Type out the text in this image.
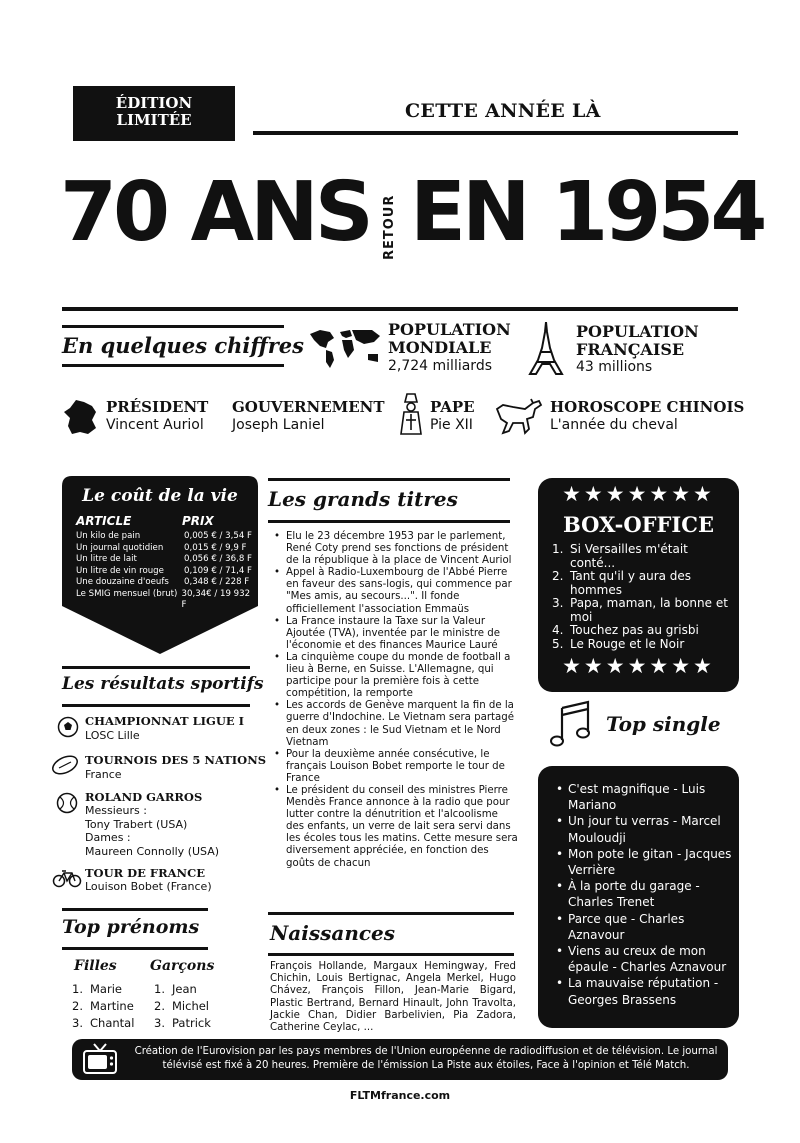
ÉDITION
LIMITÉE	CETTE ANNÉE LÀ
70 ANS RETOUR EN 1954
En quelques chiffres
POPULATION
MONDIALE
2,724 milliards
POPULATION
FRANÇAISE
43 millions
PRÉSIDENT
Vincent Auriol
GOUVERNEMENT
Joseph Laniel
PAPE
Pie XII
HOROSCOPE CHINOIS
L'année du cheval
Le coût de la vie
ARTICLE	PRIX
Un kilo de pain	0,005 € / 3,54 F
Un journal quotidien	0,015 € / 9,9 F
Un litre de lait	0,056 € / 36,8 F
Un litre de vin rouge	0,109 € / 71,4 F
Une douzaine d'oeufs	0,348 € / 228 F
Le SMIG mensuel (brut) 30,34€ / 19 932 F
Les résultats sportifs
CHAMPIONNAT LIGUE I
LOSC Lille
TOURNOIS DES 5 NATIONS
France
ROLAND GARROS
Messieurs :
Tony Trabert (USA)
Dames :
Maureen Connolly (USA)
TOUR DE FRANCE
Louison Bobet (France)
Top prénoms
Filles
1. Marie
2. Martine
3. Chantal
Garçons
1. Jean
2. Michel
3. Patrick
Les grands titres
• Elu le 23 décembre 1953 par le parlement, René Coty prend ses fonctions de président de la république à la place de Vincent Auriol
• Appel à Radio-Luxembourg de l'Abbé Pierre en faveur des sans-logis, qui commence par "Mes amis, au secours...". Il fonde officiellement l'association Emmaüs
• La France instaure la Taxe sur la Valeur Ajoutée (TVA), inventée par le ministre de l'économie et des finances Maurice Lauré
• La cinquième coupe du monde de football a lieu à Berne, en Suisse. L'Allemagne, qui participe pour la première fois à cette compétition, la remporte
• Les accords de Genève marquent la fin de la guerre d'Indochine. Le Vietnam sera partagé en deux zones : le Sud Vietnam et le Nord Vietnam
• Pour la deuxième année consécutive, le français Louison Bobet remporte le tour de France
• Le président du conseil des ministres Pierre Mendès France annonce à la radio que pour lutter contre la dénutrition et l'alcoolisme des enfants, un verre de lait sera servi dans les écoles tous les matins. Cette mesure sera diversement appréciée, en fonction des goûts de chacun
Naissances
François Hollande, Margaux Hemingway, Fred Chichin, Louis Bertignac, Angela Merkel, Hugo Chávez, François Fillon, Jean-Marie Bigard, Plastic Bertrand, Bernard Hinault, John Travolta, Jackie Chan, Didier Barbelivien, Pia Zadora, Catherine Ceylac, ...
★★★★★★★
BOX-OFFICE
1. Si Versailles m'était conté...
2. Tant qu'il y aura des hommes
3. Papa, maman, la bonne et moi
4. Touchez pas au grisbi
5. Le Rouge et le Noir
★★★★★★★
Top single
• C'est magnifique - Luis Mariano
• Un jour tu verras - Marcel Mouloudji
• Mon pote le gitan - Jacques Verrière
• À la porte du garage - Charles Trenet
• Parce que - Charles Aznavour
• Viens au creux de mon épaule - Charles Aznavour
• La mauvaise réputation - Georges Brassens
Création de l'Eurovision par les pays membres de l'Union européenne de radiodiffusion et de télévision. Le journal télévisé est fixé à 20 heures. Première de l'émission La Piste aux étoiles, Face à l'opinion et Télé Match.
FLTMfrance.com
